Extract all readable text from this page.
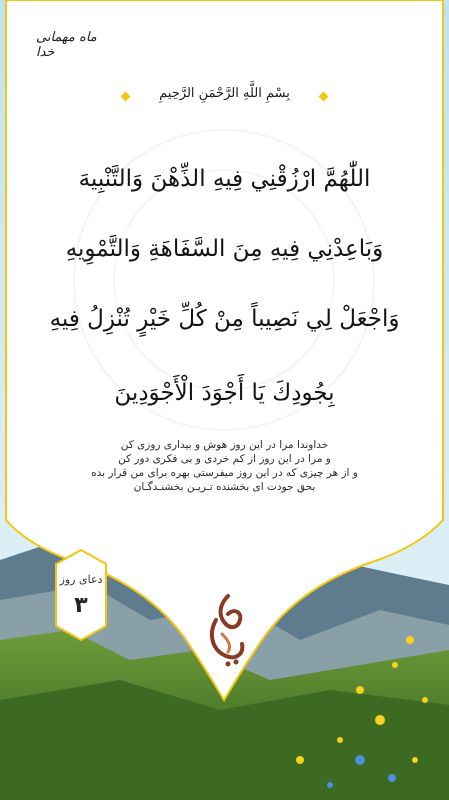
ماه مهمانی خدا
بِسْمِ اللَّهِ الرَّحْمَنِ الرَّحِيمِ
اللّٰهُمَّ ارْزُقْنِي فِيهِ الذِّهْنَ وَالتَّنْبِيهَ
وَبَاعِدْنِي فِيهِ مِنَ السَّفَاهَةِ وَالتَّمْوِيهِ
وَاجْعَلْ لِي نَصِيباً مِنْ كُلِّ خَيْرٍ تُنْزِلُ فِيهِ
بِجُودِكَ يَا أَجْوَدَ الْأَجْوَدِينَ
خداوندا مرا در این روز هوش و بیداری روزی کن
و مرا در این روز از کم خردی و بی فکری دور کن
و از هر چیزی که در این روز میفرستی بهره برای من قرار بده
بحق جودت ای بخشنده تـریـن بخشنـدگـان
دعای روز
۳
